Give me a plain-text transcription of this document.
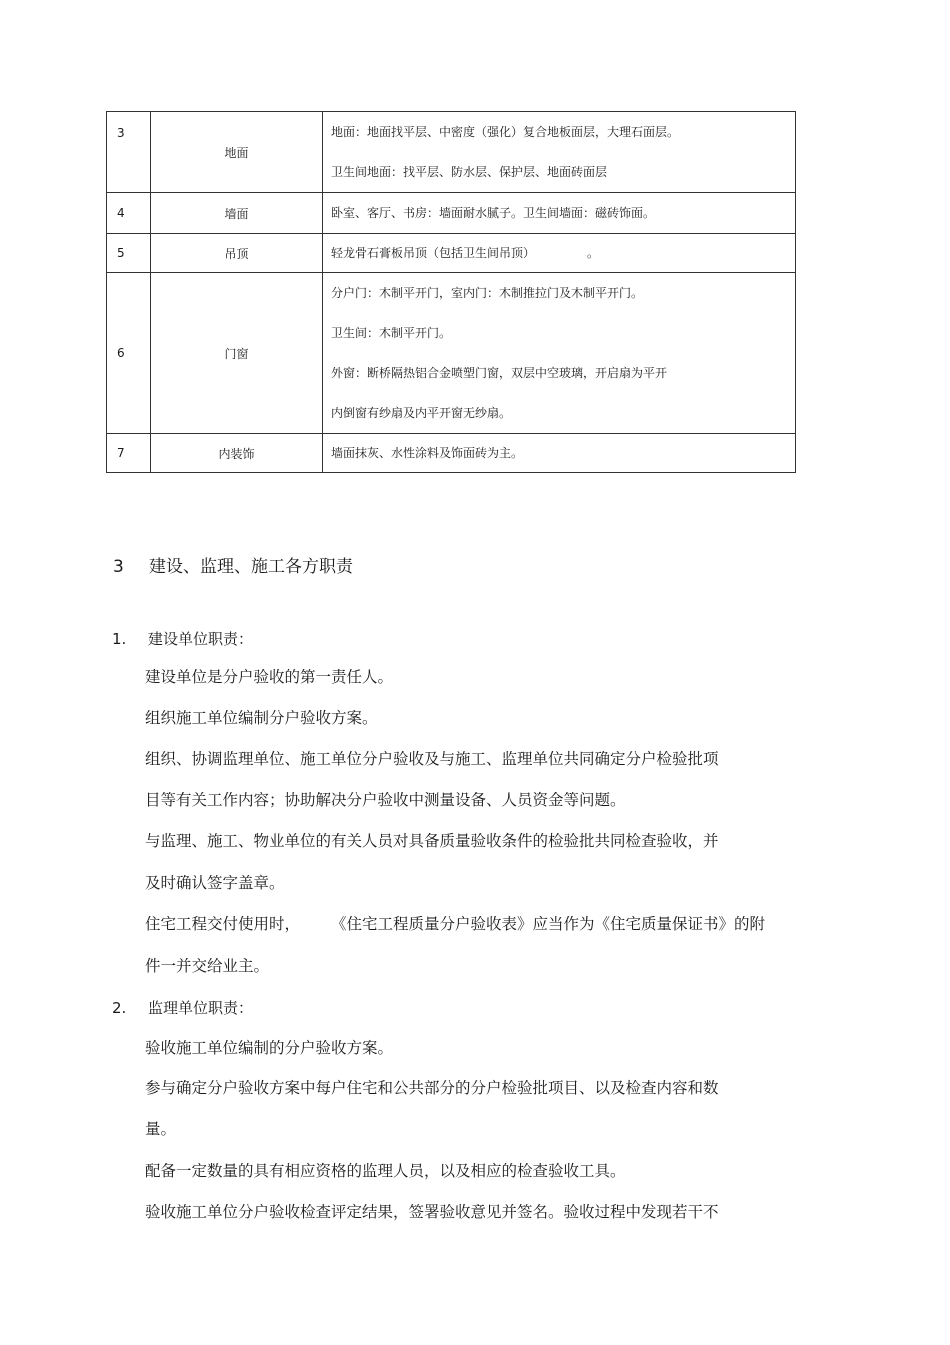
3	地面	地面：地面找平层、中密度（强化）复合地板面层，大理石面层。
卫生间地面：找平层、防水层、保护层、地面砖面层

4	墙面	卧室、客厅、书房：墙面耐水腻子。卫生间墙面：磁砖饰面。

5	吊顶	轻龙骨石膏板吊顶（包括卫生间吊顶） 。

6	门窗	分户门：木制平开门，室内门：木制推拉门及木制平开门。
卫生间：木制平开门。
外窗：断桥隔热铝合金喷塑门窗，双层中空玻璃，开启扇为平开
内倒窗有纱扇及内平开窗无纱扇。

7	内装饰	墙面抹灰、水性涂料及饰面砖为主。
3 建设、监理、施工各方职责
1. 建设单位职责：
建设单位是分户验收的第一责任人。
组织施工单位编制分户验收方案。
组织、协调监理单位、施工单位分户验收及与施工、监理单位共同确定分户检验批项
目等有关工作内容；协助解决分户验收中测量设备、人员资金等问题。
与监理、施工、物业单位的有关人员对具备质量验收条件的检验批共同检查验收，并
及时确认签字盖章。
住宅工程交付使用时， 《住宅工程质量分户验收表》应当作为《住宅质量保证书》的附
件一并交给业主。
2. 监理单位职责：
验收施工单位编制的分户验收方案。
参与确定分户验收方案中每户住宅和公共部分的分户检验批项目、以及检查内容和数
量。
配备一定数量的具有相应资格的监理人员，以及相应的检查验收工具。
验收施工单位分户验收检查评定结果，签署验收意见并签名。验收过程中发现若干不
